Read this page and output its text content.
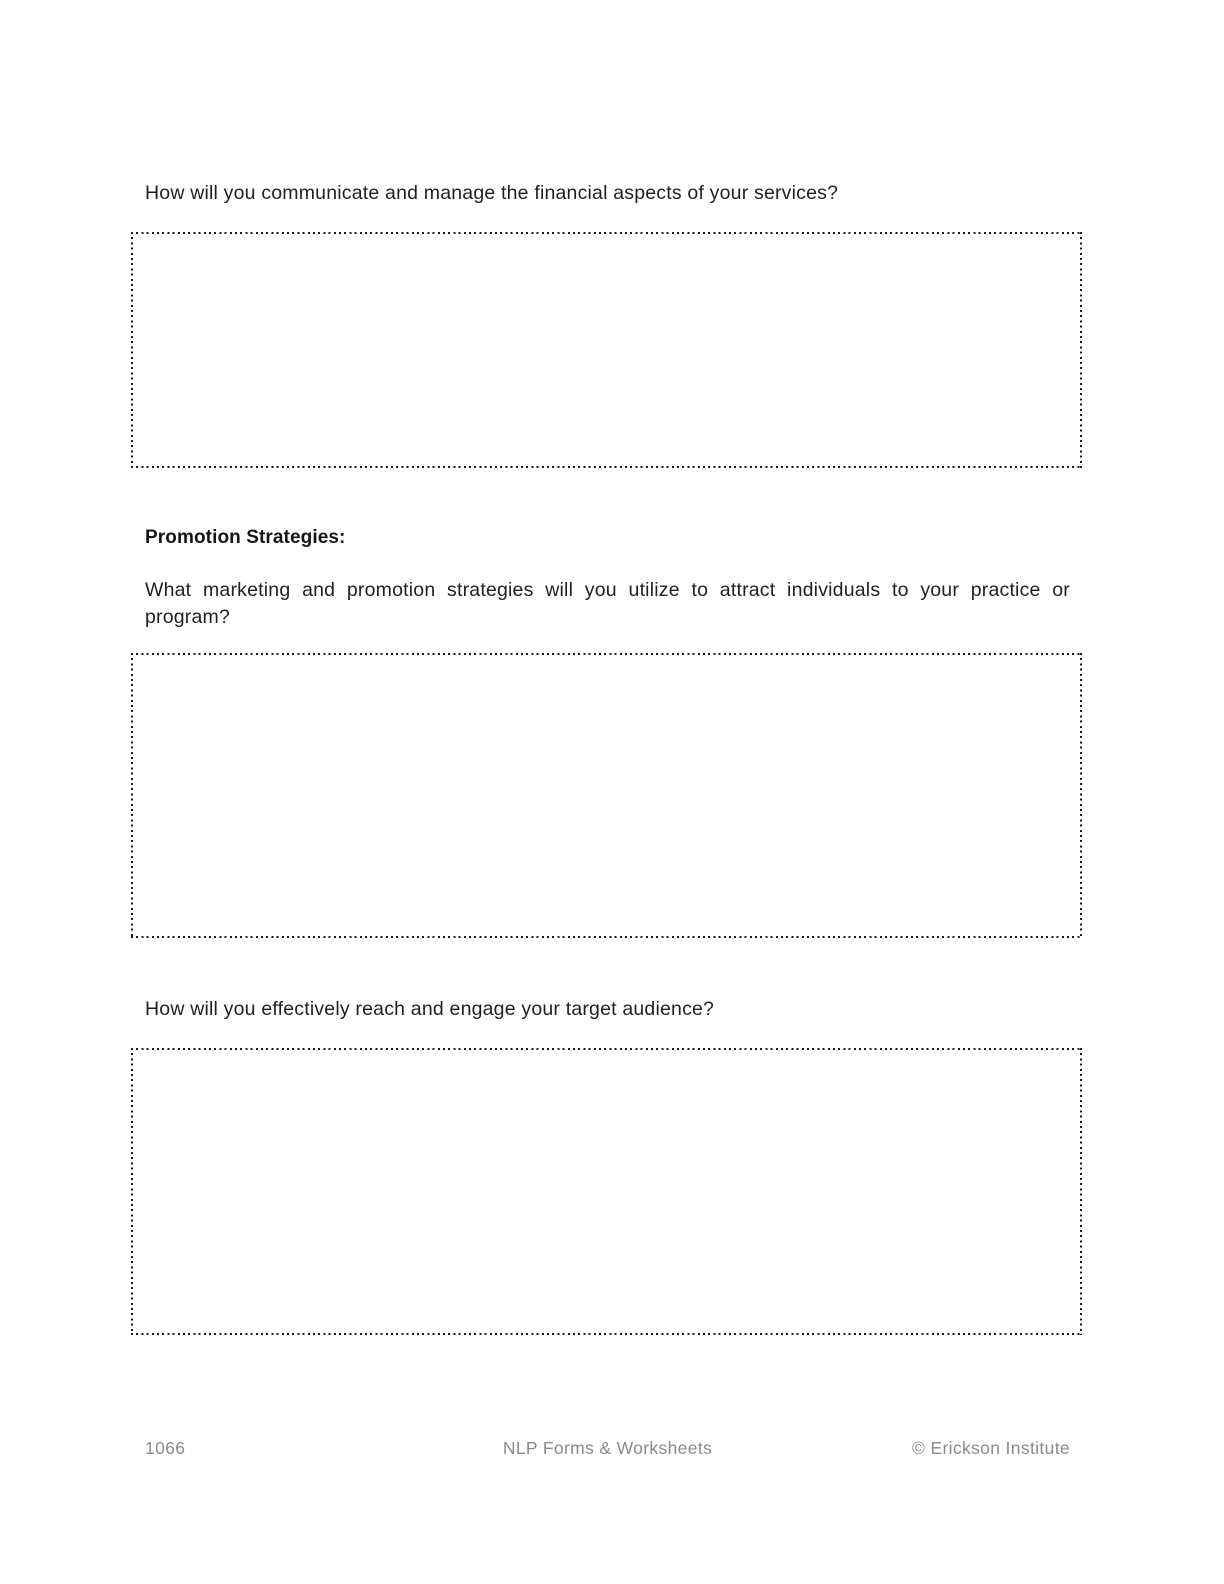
How will you communicate and manage the financial aspects of your services?

Promotion Strategies:

What marketing and promotion strategies will you utilize to attract individuals to your practice or program?

How will you effectively reach and engage your target audience?

1066	NLP Forms & Worksheets	© Erickson Institute
